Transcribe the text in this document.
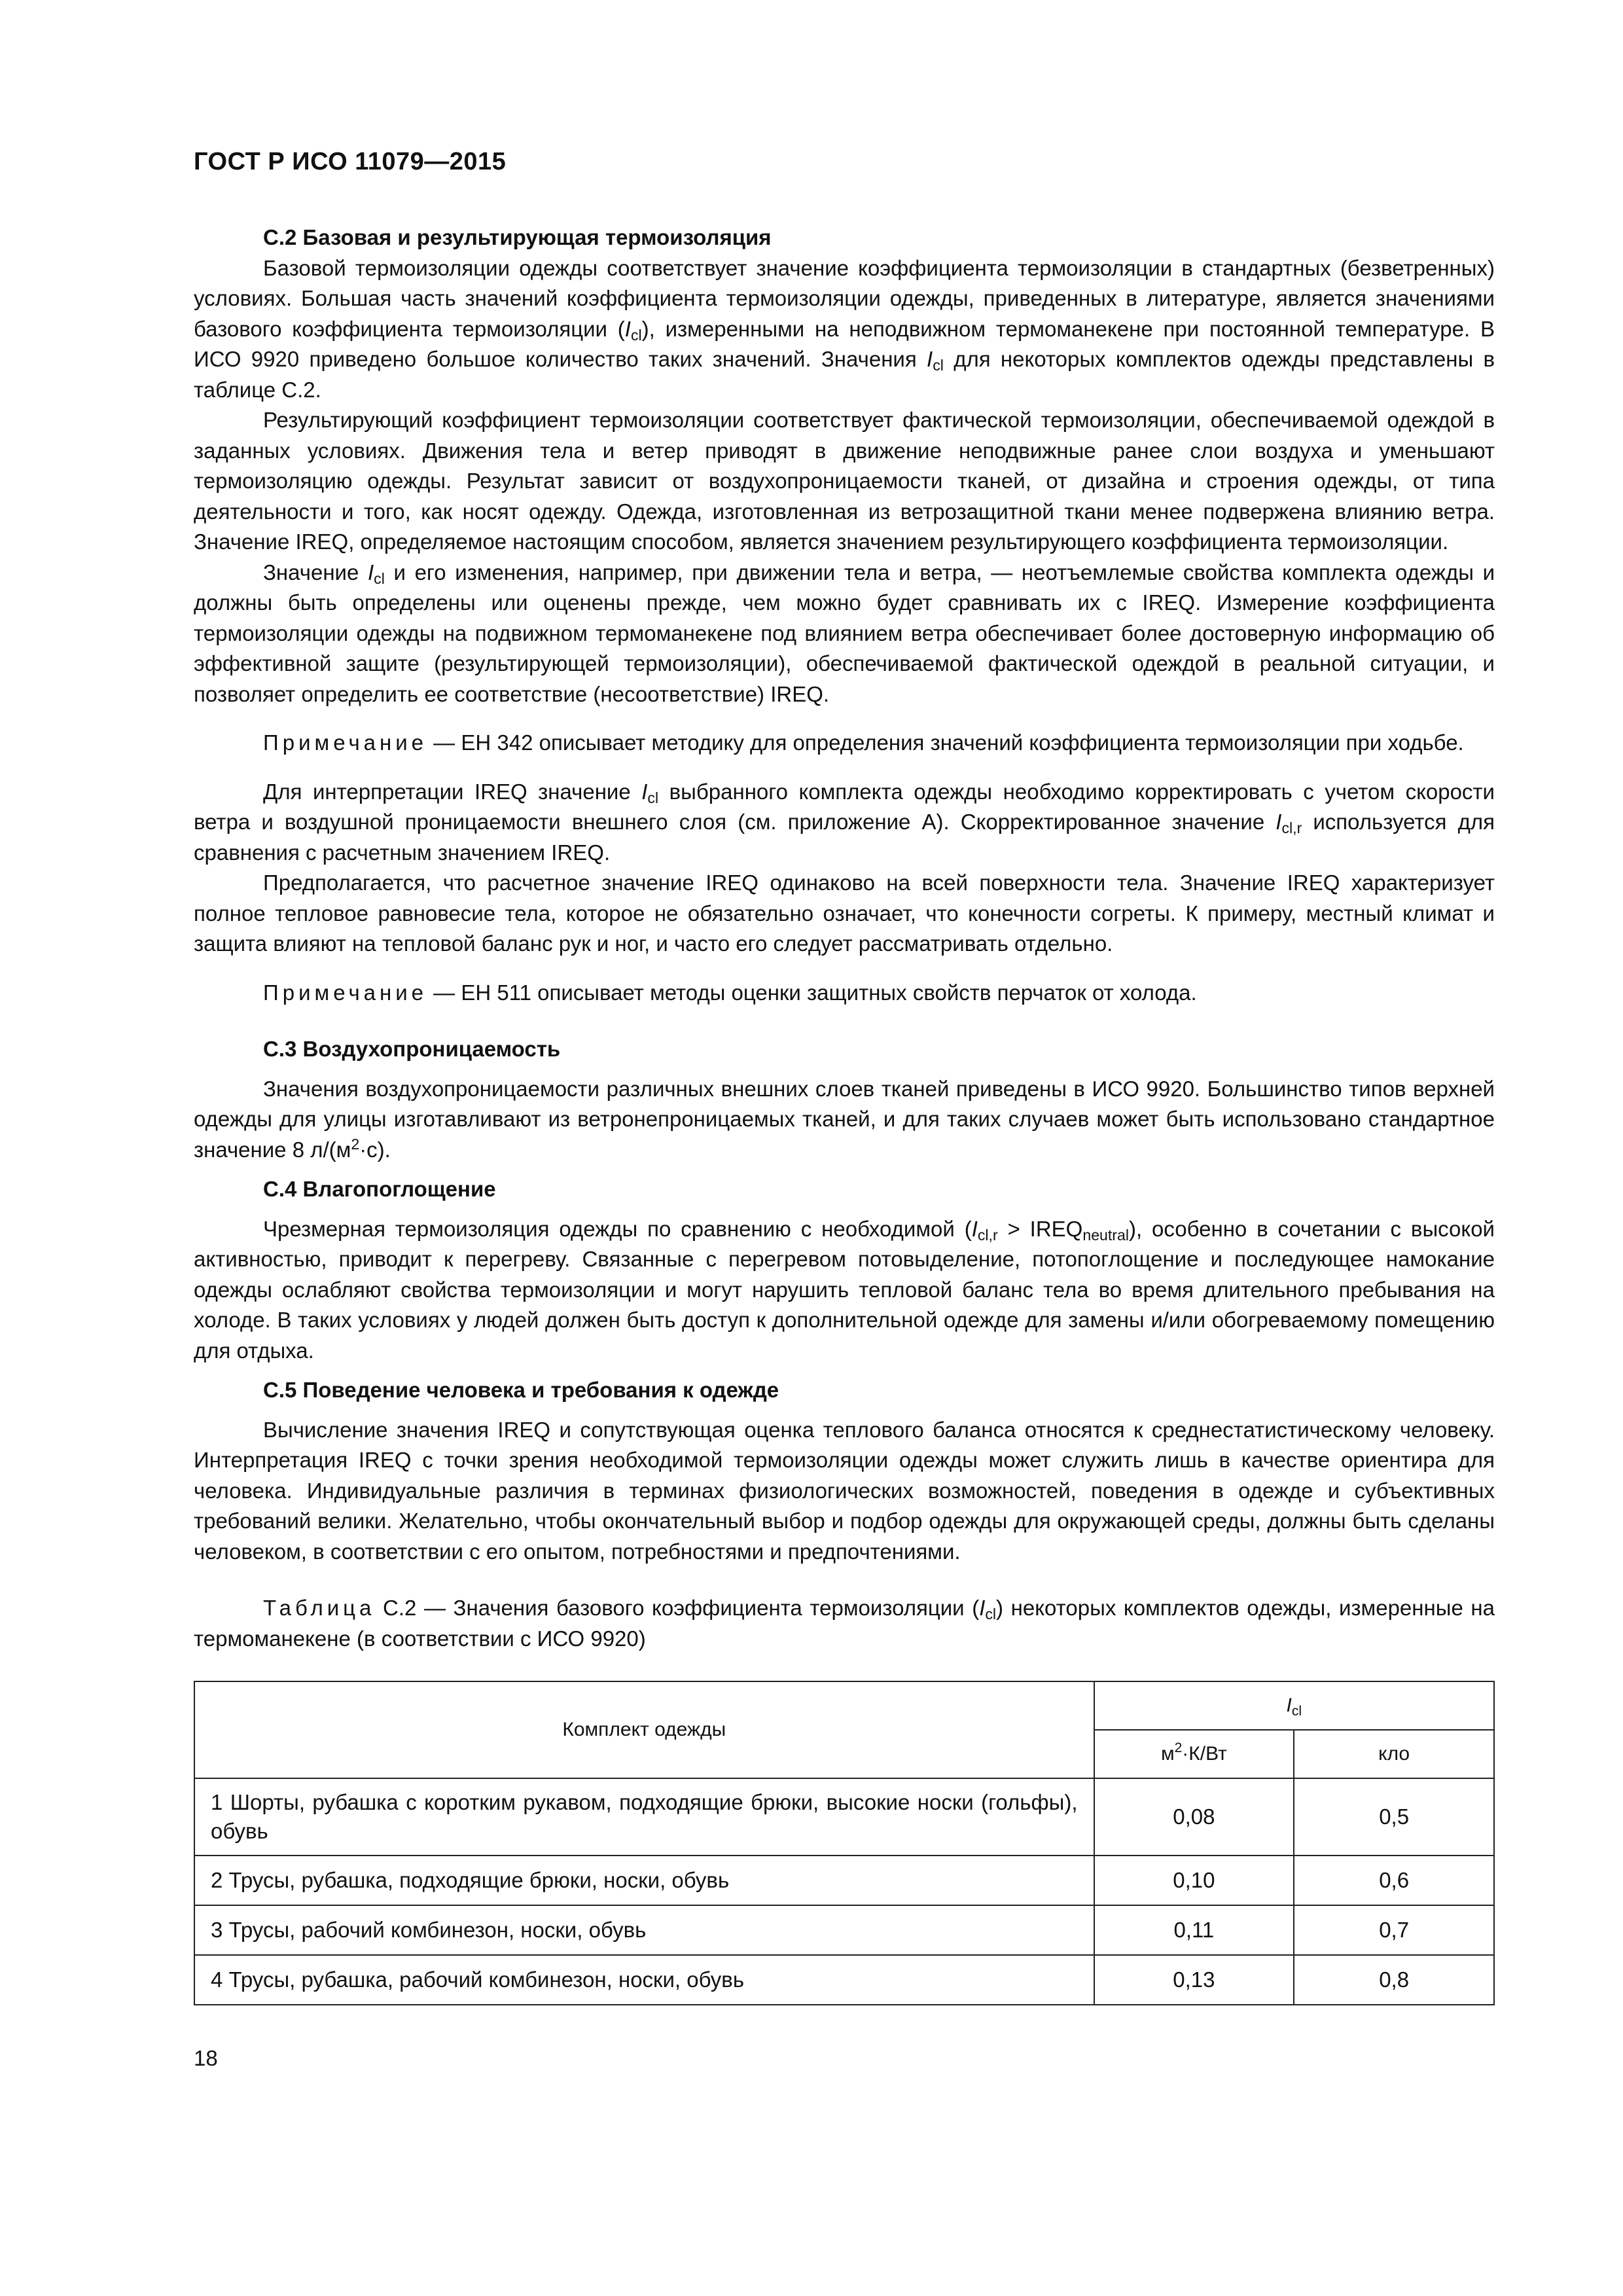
ГОСТ Р ИСО 11079—2015
С.2 Базовая и результирующая термоизоляция

Базовой термоизоляции одежды соответствует значение коэффициента термоизоляции в стандартных (безветренных) условиях. Большая часть значений коэффициента термоизоляции одежды, приведенных в литературе, является значениями базового коэффициента термоизоляции $(I_{cl})$, измеренными на неподвижном термоманекене при постоянной температуре. В ИСО 9920 приведено большое количество таких значений. Значения $I_{cl}$ для некоторых комплектов одежды представлены в таблице С.2.

Результирующий коэффициент термоизоляции соответствует фактической термоизоляции, обеспечиваемой одеждой в заданных условиях. Движения тела и ветер приводят в движение неподвижные ранее слои воздуха и уменьшают термоизоляцию одежды. Результат зависит от воздухопроницаемости тканей, от дизайна и строения одежды, от типа деятельности и того, как носят одежду. Одежда, изготовленная из ветрозащитной ткани менее подвержена влиянию ветра. Значение IREQ, определяемое настоящим способом, является значением результирующего коэффициента термоизоляции.

Значение $I_{cl}$ и его изменения, например, при движении тела и ветра, — неотъемлемые свойства комплекта одежды и должны быть определены или оценены прежде, чем можно будет сравнивать их с IREQ. Измерение коэффициента термоизоляции одежды на подвижном термоманекене под влиянием ветра обеспечивает более достоверную информацию об эффективной защите (результирующей термоизоляции), обеспечиваемой фактической одеждой в реальной ситуации, и позволяет определить ее соответствие (несоответствие) IREQ.

Примечание — ЕН 342 описывает методику для определения значений коэффициента термоизоляции при ходьбе.

Для интерпретации IREQ значение $I_{cl}$ выбранного комплекта одежды необходимо корректировать с учетом скорости ветра и воздушной проницаемости внешнего слоя (см. приложение А). Скорректированное значение $I_{cl,r}$ используется для сравнения с расчетным значением IREQ.

Предполагается, что расчетное значение IREQ одинаково на всей поверхности тела. Значение IREQ характеризует полное тепловое равновесие тела, которое не обязательно означает, что конечности согреты. К примеру, местный климат и защита влияют на тепловой баланс рук и ног, и часто его следует рассматривать отдельно.

Примечание — ЕН 511 описывает методы оценки защитных свойств перчаток от холода.

С.3 Воздухопроницаемость

Значения воздухопроницаемости различных внешних слоев тканей приведены в ИСО 9920. Большинство типов верхней одежды для улицы изготавливают из ветронепроницаемых тканей, и для таких случаев может быть использовано стандартное значение 8 $л/(м^2\cdot с)$.

С.4 Влагопоглощение

Чрезмерная термоизоляция одежды по сравнению с необходимой ($I_{cl,r}$ > $IREQ_{neutral}$), особенно в сочетании с высокой активностью, приводит к перегреву. Связанные с перегревом потовыделение, потопоглощение и последующее намокание одежды ослабляют свойства термоизоляции и могут нарушить тепловой баланс тела во время длительного пребывания на холоде. В таких условиях у людей должен быть доступ к дополнительной одежде для замены и/или обогреваемому помещению для отдыха.

С.5 Поведение человека и требования к одежде

Вычисление значения IREQ и сопутствующая оценка теплового баланса относятся к среднестатистическому человеку. Интерпретация IREQ с точки зрения необходимой термоизоляции одежды может служить лишь в качестве ориентира для человека. Индивидуальные различия в терминах физиологических возможностей, поведения в одежде и субъективных требований велики. Желательно, чтобы окончательный выбор и подбор одежды для окружающей среды, должны быть сделаны человеком, в соответствии с его опытом, потребностями и предпочтениями.

Таблица С.2 — Значения базового коэффициента термоизоляции $(I_{cl})$ некоторых комплектов одежды, измеренные на термоманекене (в соответствии с ИСО 9920)

Комплект одежды	$I_{cl}$
	$м^2\cdot К/Вт$	кло
1 Шорты, рубашка с коротким рукавом, подходящие брюки, высокие носки (гольфы), обувь	0,08	0,5
2 Трусы, рубашка, подходящие брюки, носки, обувь	0,10	0,6
3 Трусы, рабочий комбинезон, носки, обувь	0,11	0,7
4 Трусы, рубашка, рабочий комбинезон, носки, обувь	0,13	0,8
18
